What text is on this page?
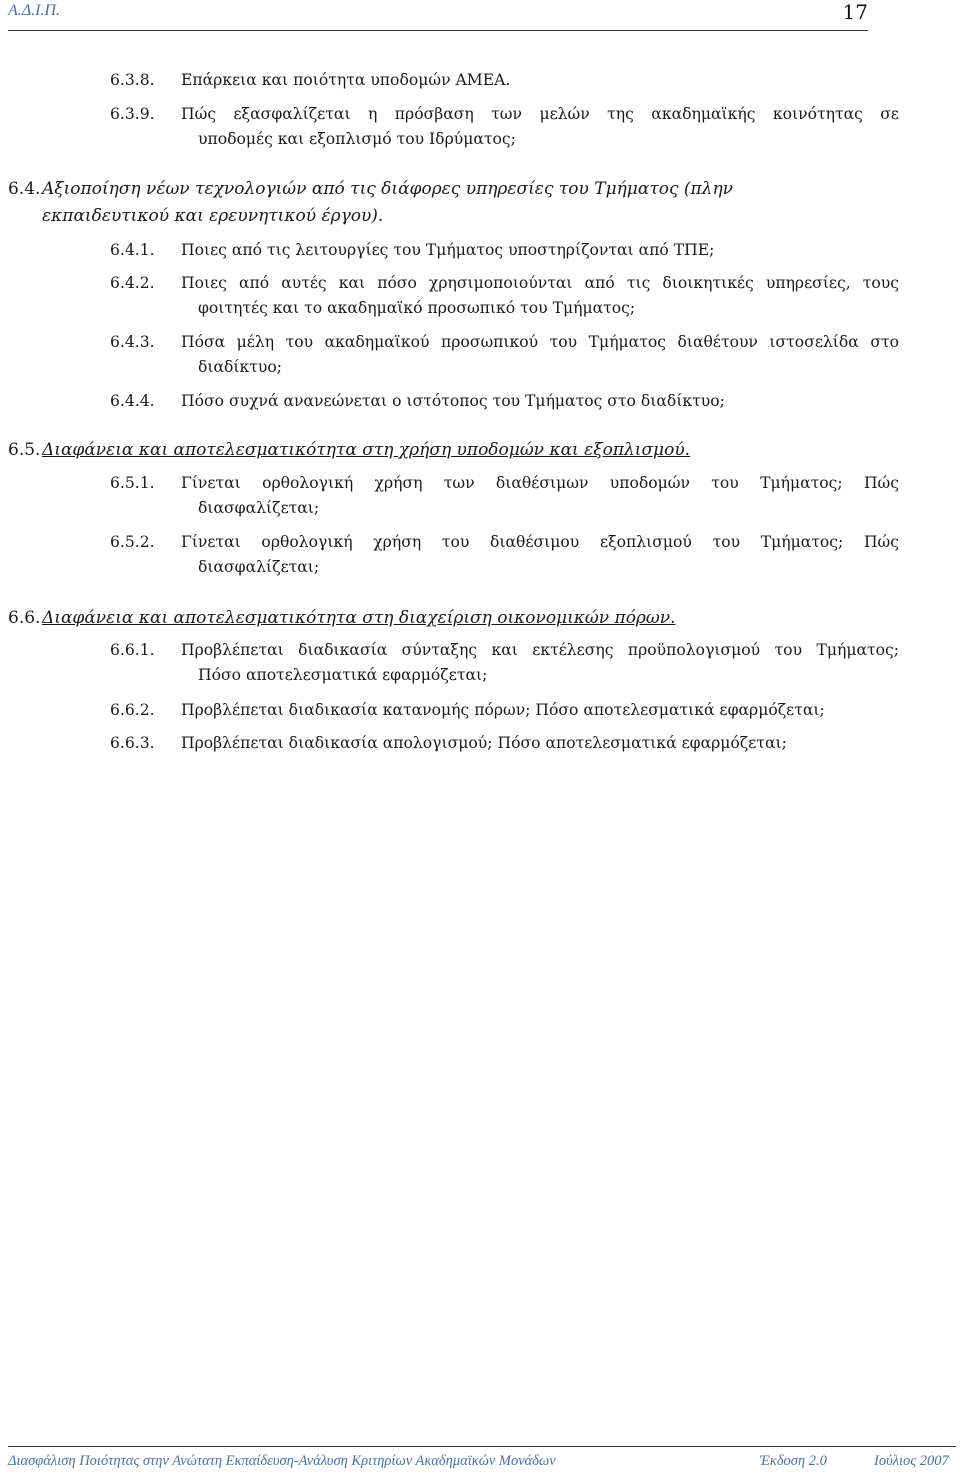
Α.Δ.Ι.Π.	17
6.3.8.	Επάρκεια και ποιότητα υποδομών ΑΜΕΑ.
6.3.9.	Πώς εξασφαλίζεται η πρόσβαση των μελών της ακαδημαϊκής κοινότητας σε
υποδομές και εξοπλισμό του Ιδρύματος;
6.4. Αξιοποίηση νέων τεχνολογιών από τις διάφορες υπηρεσίες του Τμήματος (πλην
εκπαιδευτικού και ερευνητικού έργου).
6.4.1.	Ποιες από τις λειτουργίες του Τμήματος υποστηρίζονται από ΤΠΕ;
6.4.2.	Ποιες από αυτές και πόσο χρησιμοποιούνται από τις διοικητικές υπηρεσίες, τους
φοιτητές και το ακαδημαϊκό προσωπικό του Τμήματος;
6.4.3.	Πόσα μέλη του ακαδημαϊκού προσωπικού του Τμήματος διαθέτουν ιστοσελίδα στο
διαδίκτυο;
6.4.4.	Πόσο συχνά ανανεώνεται ο ιστότοπος του Τμήματος στο διαδίκτυο;
6.5. Διαφάνεια και αποτελεσματικότητα στη χρήση υποδομών και εξοπλισμού.
6.5.1.	Γίνεται ορθολογική χρήση των διαθέσιμων υποδομών του Τμήματος; Πώς
διασφαλίζεται;
6.5.2.	Γίνεται ορθολογική χρήση του διαθέσιμου εξοπλισμού του Τμήματος; Πώς
διασφαλίζεται;
6.6. Διαφάνεια και αποτελεσματικότητα στη διαχείριση οικονομικών πόρων.
6.6.1.	Προβλέπεται διαδικασία σύνταξης και εκτέλεσης προϋπολογισμού του Τμήματος;
Πόσο αποτελεσματικά εφαρμόζεται;
6.6.2.	Προβλέπεται διαδικασία κατανομής πόρων; Πόσο αποτελεσματικά εφαρμόζεται;
6.6.3.	Προβλέπεται διαδικασία απολογισμού; Πόσο αποτελεσματικά εφαρμόζεται;
Διασφάλιση Ποιότητας στην Ανώτατη Εκπαίδευση-Ανάλυση Κριτηρίων Ακαδημαϊκών Μονάδων	Έκδοση 2.0	Ιούλιος 2007
